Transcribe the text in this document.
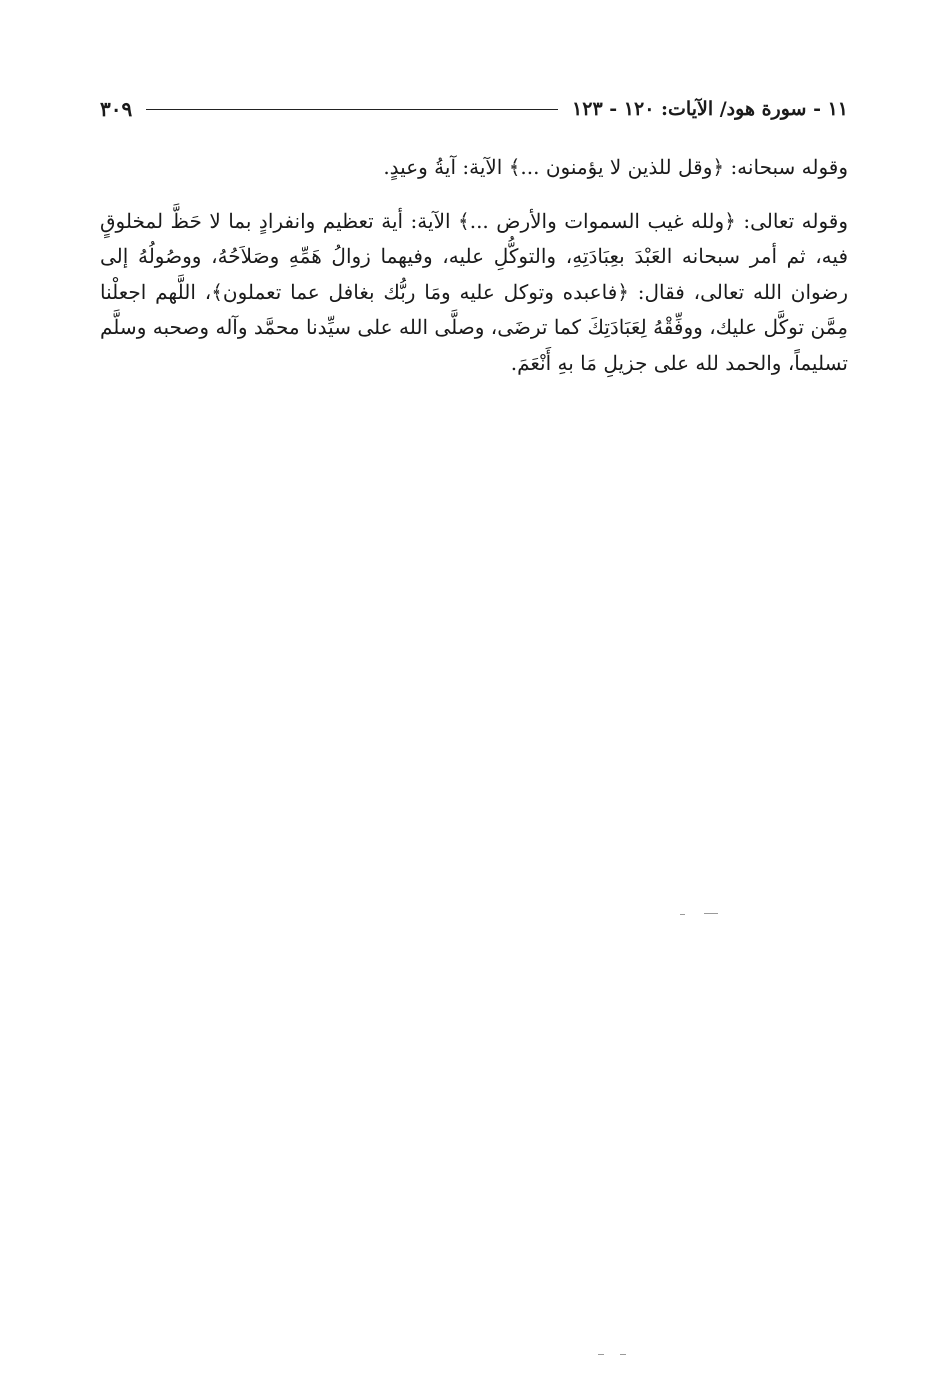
٣٠٩	١١ - سورة هود/ الآيات: ١٢٠ - ١٢٣

وقوله سبحانه: ﴿وقل للذين لا يؤمنون ...﴾ الآية: آيةُ وعيدٍ.

وقوله تعالى: ﴿ولله غيب السموات والأرض ...﴾ الآية: أية تعظيم وانفرادٍ بما لا حَظَّ لمخلوقٍ فيه، ثم أمر سبحانه العَبْدَ بعِبَادَتِهِ، والتوكُّلِ عليه، وفيهما زوالُ هَمِّهِ وصَلاَحُهُ، ووصُولُهُ إلى رضوان الله تعالى، فقال: ﴿فاعبده وتوكل عليه ومَا ربُّك بغافل عما تعملون﴾، اللَّهم اجعلْنا مِمَّن توكَّل عليك، ووفِّقْهُ لِعَبَادَتِكَ كما ترضَى، وصلَّى الله على سيِّدنا محمَّد وآله وصحبه وسلَّم تسليماً، والحمد لله على جزيلِ مَا بهِ أَنْعَمَ.
